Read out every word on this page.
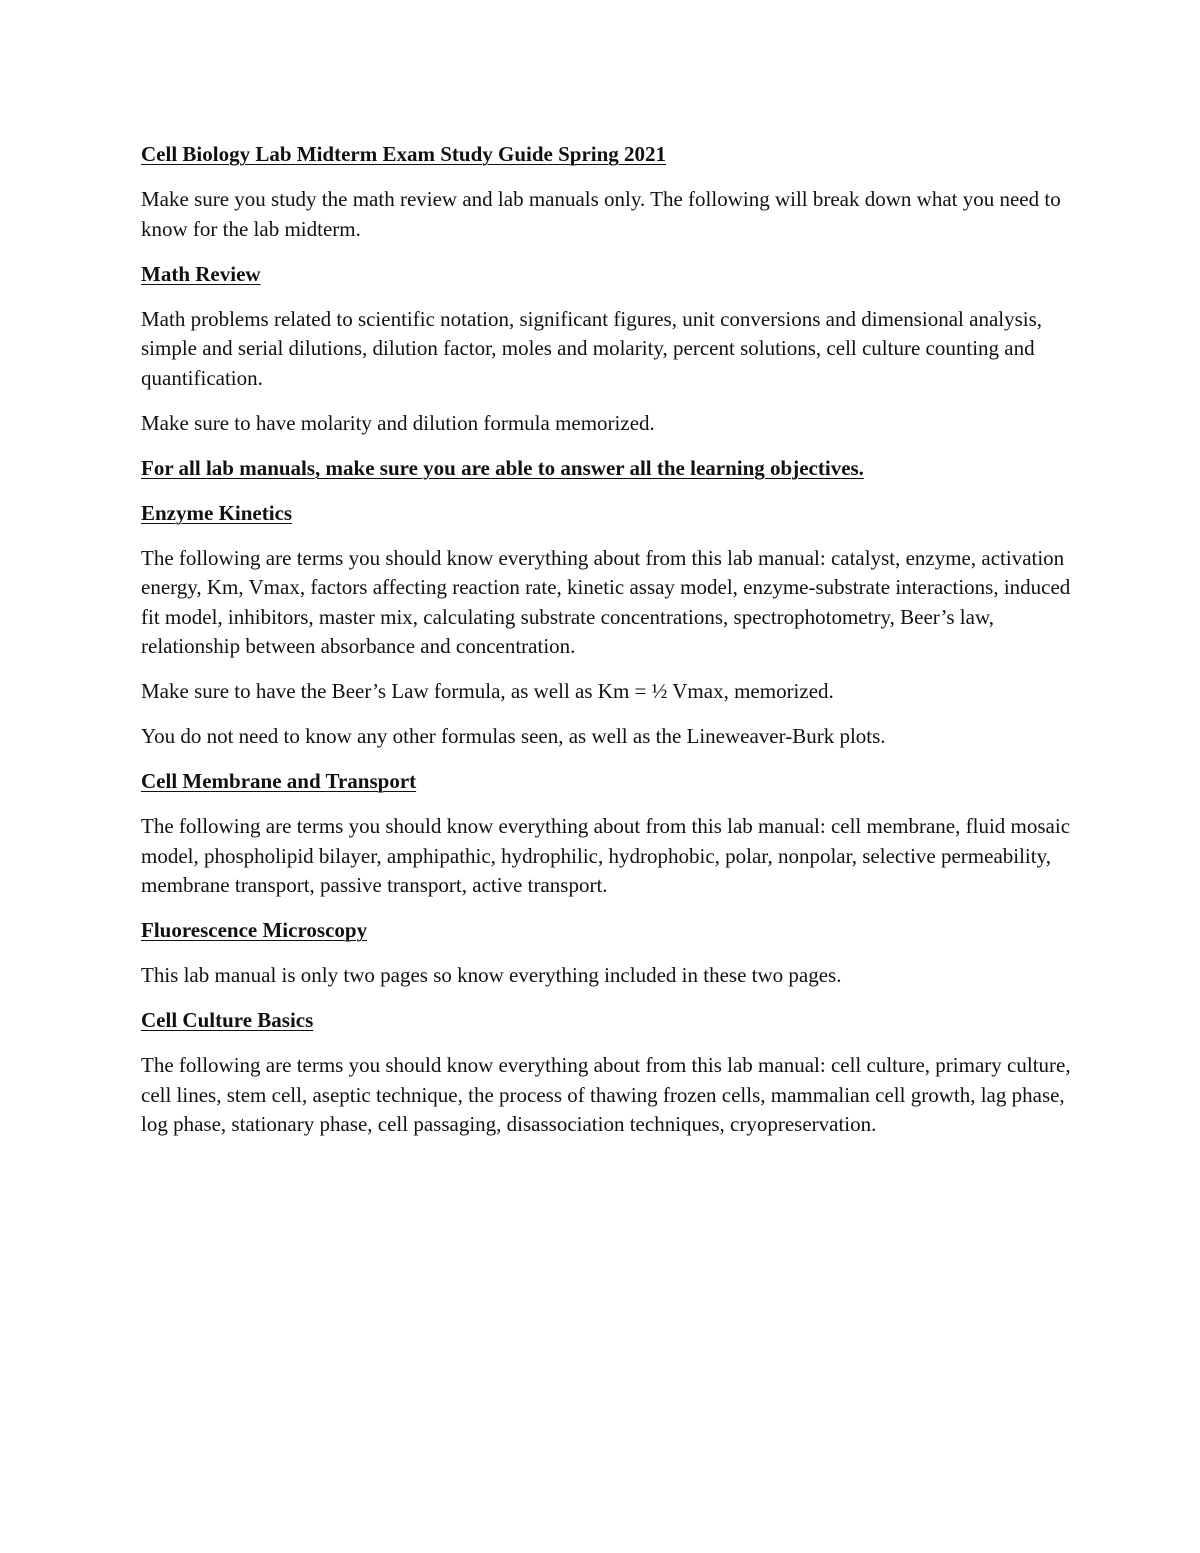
Cell Biology Lab Midterm Exam Study Guide Spring 2021

Make sure you study the math review and lab manuals only. The following will break down what you need to know for the lab midterm.

Math Review

Math problems related to scientific notation, significant figures, unit conversions and dimensional analysis, simple and serial dilutions, dilution factor, moles and molarity, percent solutions, cell culture counting and quantification.

Make sure to have molarity and dilution formula memorized.

For all lab manuals, make sure you are able to answer all the learning objectives.

Enzyme Kinetics

The following are terms you should know everything about from this lab manual: catalyst, enzyme, activation energy, Km, Vmax, factors affecting reaction rate, kinetic assay model, enzyme-substrate interactions, induced fit model, inhibitors, master mix, calculating substrate concentrations, spectrophotometry, Beer’s law, relationship between absorbance and concentration.

Make sure to have the Beer’s Law formula, as well as Km = ½ Vmax, memorized.

You do not need to know any other formulas seen, as well as the Lineweaver-Burk plots.

Cell Membrane and Transport

The following are terms you should know everything about from this lab manual: cell membrane, fluid mosaic model, phospholipid bilayer, amphipathic, hydrophilic, hydrophobic, polar, nonpolar, selective permeability, membrane transport, passive transport, active transport.

Fluorescence Microscopy

This lab manual is only two pages so know everything included in these two pages.

Cell Culture Basics

The following are terms you should know everything about from this lab manual: cell culture, primary culture, cell lines, stem cell, aseptic technique, the process of thawing frozen cells, mammalian cell growth, lag phase, log phase, stationary phase, cell passaging, disassociation techniques, cryopreservation.
